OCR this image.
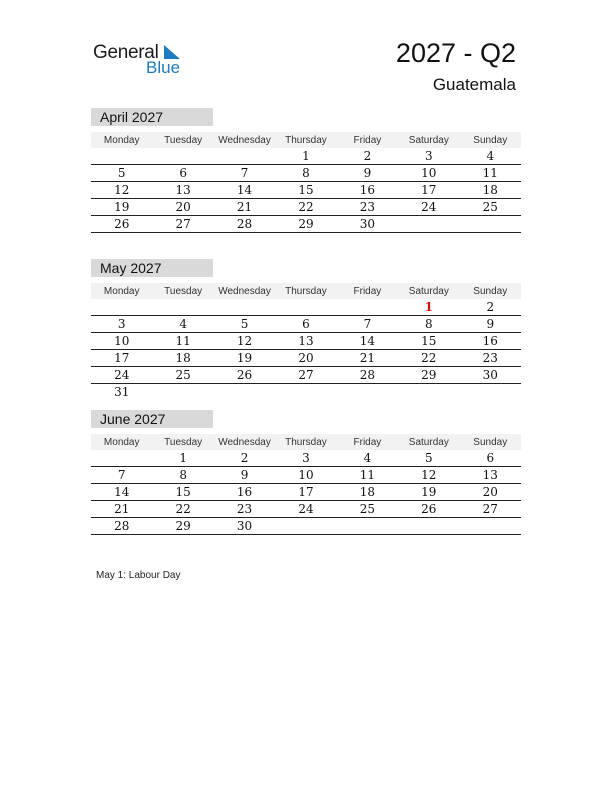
General
Blue	2027 - Q2
Guatemala
April 2027
Monday	Tuesday	Wednesday	Thursday	Friday	Saturday	Sunday
			1	2	3	4
5	6	7	8	9	10	11
12	13	14	15	16	17	18
19	20	21	22	23	24	25
26	27	28	29	30		
May 2027
Monday	Tuesday	Wednesday	Thursday	Friday	Saturday	Sunday
					1	2
3	4	5	6	7	8	9
10	11	12	13	14	15	16
17	18	19	20	21	22	23
24	25	26	27	28	29	30
31						
June 2027
Monday	Tuesday	Wednesday	Thursday	Friday	Saturday	Sunday
	1	2	3	4	5	6
7	8	9	10	11	12	13
14	15	16	17	18	19	20
21	22	23	24	25	26	27
28	29	30				
May 1: Labour Day
